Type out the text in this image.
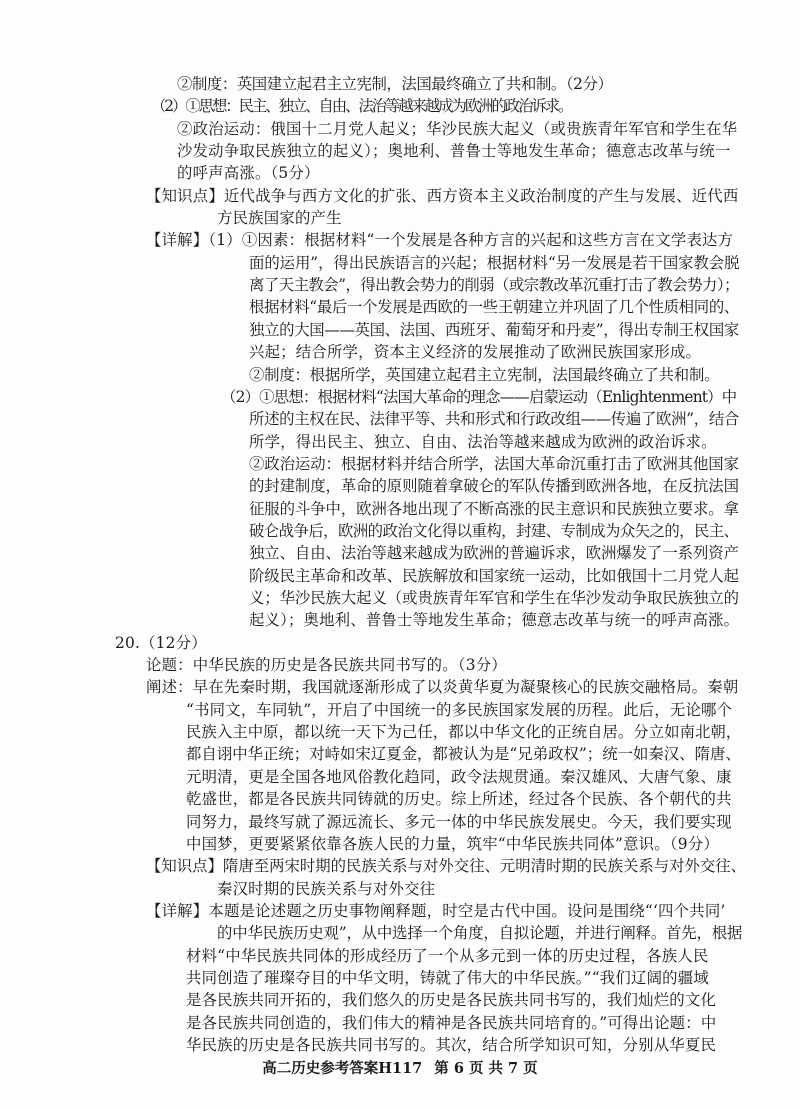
②制度：英国建立起君主立宪制，法国最终确立了共和制。（2分）
（2）①思想：民主、独立、自由、法治等越来越成为欧洲的政治诉求。
②政治运动：俄国十二月党人起义；华沙民族大起义（或贵族青年军官和学生在华
沙发动争取民族独立的起义）；奥地利、普鲁士等地发生革命；德意志改革与统一
的呼声高涨。（5分）
【知识点】近代战争与西方文化的扩张、西方资本主义政治制度的产生与发展、近代西
方民族国家的产生
【详解】（1）①因素：根据材料“一个发展是各种方言的兴起和这些方言在文学表达方
面的运用”，得出民族语言的兴起；根据材料“另一发展是若干国家教会脱
离了天主教会”，得出教会势力的削弱（或宗教改革沉重打击了教会势力）；
根据材料“最后一个发展是西欧的一些王朝建立并巩固了几个性质相同的、
独立的大国——英国、法国、西班牙、葡萄牙和丹麦”，得出专制王权国家
兴起；结合所学，资本主义经济的发展推动了欧洲民族国家形成。
②制度：根据所学，英国建立起君主立宪制，法国最终确立了共和制。
（2）①思想：根据材料“法国大革命的理念——启蒙运动（Enlightenment）中
所述的主权在民、法律平等、共和形式和行政改组——传遍了欧洲”，结合
所学，得出民主、独立、自由、法治等越来越成为欧洲的政治诉求。
②政治运动：根据材料并结合所学，法国大革命沉重打击了欧洲其他国家
的封建制度，革命的原则随着拿破仑的军队传播到欧洲各地，在反抗法国
征服的斗争中，欧洲各地出现了不断高涨的民主意识和民族独立要求。拿
破仑战争后，欧洲的政治文化得以重构，封建、专制成为众矢之的，民主、
独立、自由、法治等越来越成为欧洲的普遍诉求，欧洲爆发了一系列资产
阶级民主革命和改革、民族解放和国家统一运动，比如俄国十二月党人起
义；华沙民族大起义（或贵族青年军官和学生在华沙发动争取民族独立的
起义）；奥地利、普鲁士等地发生革命；德意志改革与统一的呼声高涨。
20.（12分）
论题：中华民族的历史是各民族共同书写的。（3分）
阐述：早在先秦时期，我国就逐渐形成了以炎黄华夏为凝聚核心的民族交融格局。秦朝
“书同文，车同轨”，开启了中国统一的多民族国家发展的历程。此后，无论哪个
民族入主中原，都以统一天下为己任，都以中华文化的正统自居。分立如南北朝，
都自诩中华正统；对峙如宋辽夏金，都被认为是“兄弟政权”；统一如秦汉、隋唐、
元明清，更是全国各地风俗教化趋同，政令法规贯通。秦汉雄风、大唐气象、康
乾盛世，都是各民族共同铸就的历史。综上所述，经过各个民族、各个朝代的共
同努力，最终写就了源远流长、多元一体的中华民族发展史。今天，我们要实现
中国梦，更要紧紧依靠各族人民的力量，筑牢“中华民族共同体”意识。（9分）
【知识点】隋唐至两宋时期的民族关系与对外交往、元明清时期的民族关系与对外交往、
秦汉时期的民族关系与对外交往
【详解】本题是论述题之历史事物阐释题，时空是古代中国。设问是围绕“‘四个共同’
的中华民族历史观”，从中选择一个角度，自拟论题，并进行阐释。首先，根据
材料“中华民族共同体的形成经历了一个从多元到一体的历史过程，各族人民
共同创造了璀璨夺目的中华文明，铸就了伟大的中华民族。”“我们辽阔的疆域
是各民族共同开拓的，我们悠久的历史是各民族共同书写的，我们灿烂的文化
是各民族共同创造的，我们伟大的精神是各民族共同培育的。”可得出论题：中
华民族的历史是各民族共同书写的。其次，结合所学知识可知，分别从华夏民
高二历史参考答案H117 第 6 页 共 7 页
